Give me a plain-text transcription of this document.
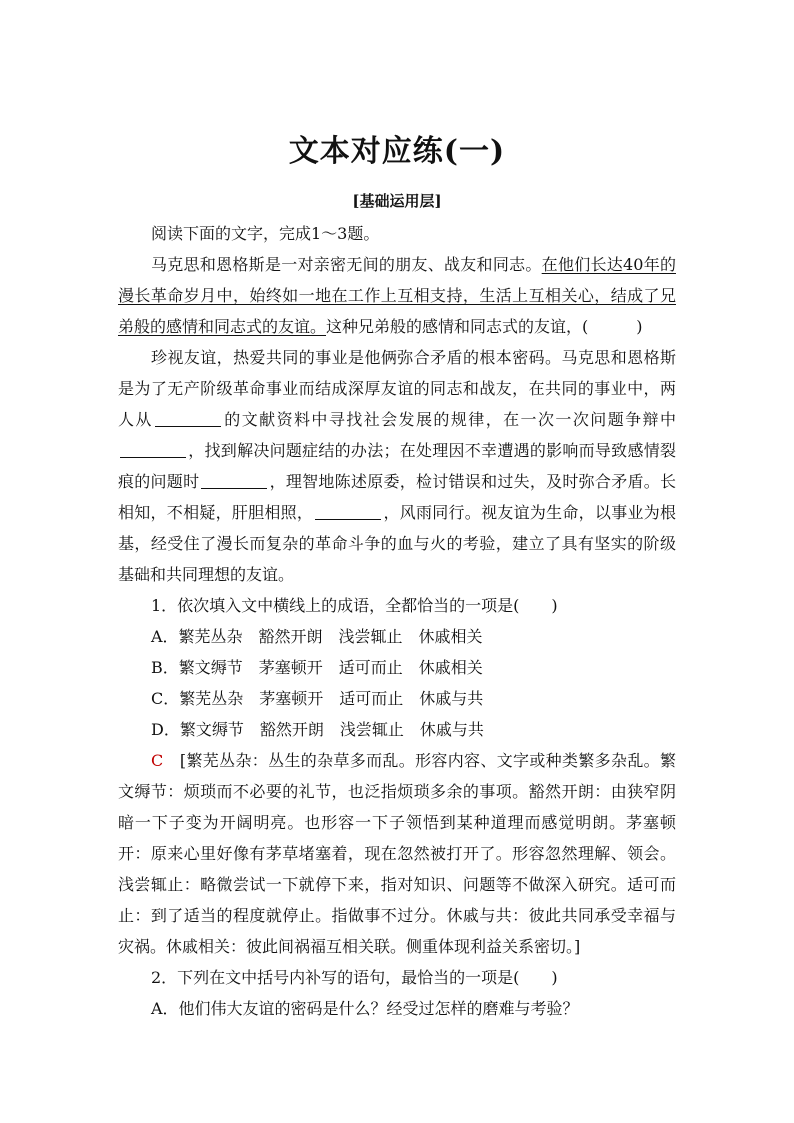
文本对应练(一)
[基础运用层]

阅读下面的文字，完成1～3题。

马克思和恩格斯是一对亲密无间的朋友、战友和同志。在他们长达40年的漫长革命岁月中，始终如一地在工作上互相支持，生活上互相关心，结成了兄弟般的感情和同志式的友谊。这种兄弟般的感情和同志式的友谊，(　　　)

珍视友谊，热爱共同的事业是他俩弥合矛盾的根本密码。马克思和恩格斯是为了无产阶级革命事业而结成深厚友谊的同志和战友，在共同的事业中，两人从	的文献资料中寻找社会发展的规律，在一次一次问题争辩中，找到解决问题症结的办法；在处理因不幸遭遇的影响而导致感情裂痕的问题时	，理智地陈述原委，检讨错误和过失，及时弥合矛盾。长相知，不相疑，肝胆相照，	，风雨同行。视友谊为生命，以事业为根基，经受住了漫长而复杂的革命斗争的血与火的考验，建立了具有坚实的阶级基础和共同理想的友谊。

1．依次填入文中横线上的成语，全都恰当的一项是(　　)

A．繁芜丛杂　豁然开朗　浅尝辄止　休戚相关

B．繁文缛节　茅塞顿开　适可而止　休戚相关

C．繁芜丛杂　茅塞顿开　适可而止　休戚与共

D．繁文缛节　豁然开朗　浅尝辄止　休戚与共

C　 [繁芜丛杂：丛生的杂草多而乱。形容内容、文字或种类繁多杂乱。繁文缛节：烦琐而不必要的礼节，也泛指烦琐多余的事项。豁然开朗：由狭窄阴暗一下子变为开阔明亮。也形容一下子领悟到某种道理而感觉明朗。茅塞顿开：原来心里好像有茅草堵塞着，现在忽然被打开了。形容忽然理解、领会。浅尝辄止：略微尝试一下就停下来，指对知识、问题等不做深入研究。适可而止：到了适当的程度就停止。指做事不过分。休戚与共：彼此共同承受幸福与灾祸。休戚相关：彼此间祸福互相关联。侧重体现利益关系密切。]

2．下列在文中括号内补写的语句，最恰当的一项是(　　)

A．他们伟大友谊的密码是什么？经受过怎样的磨难与考验？
